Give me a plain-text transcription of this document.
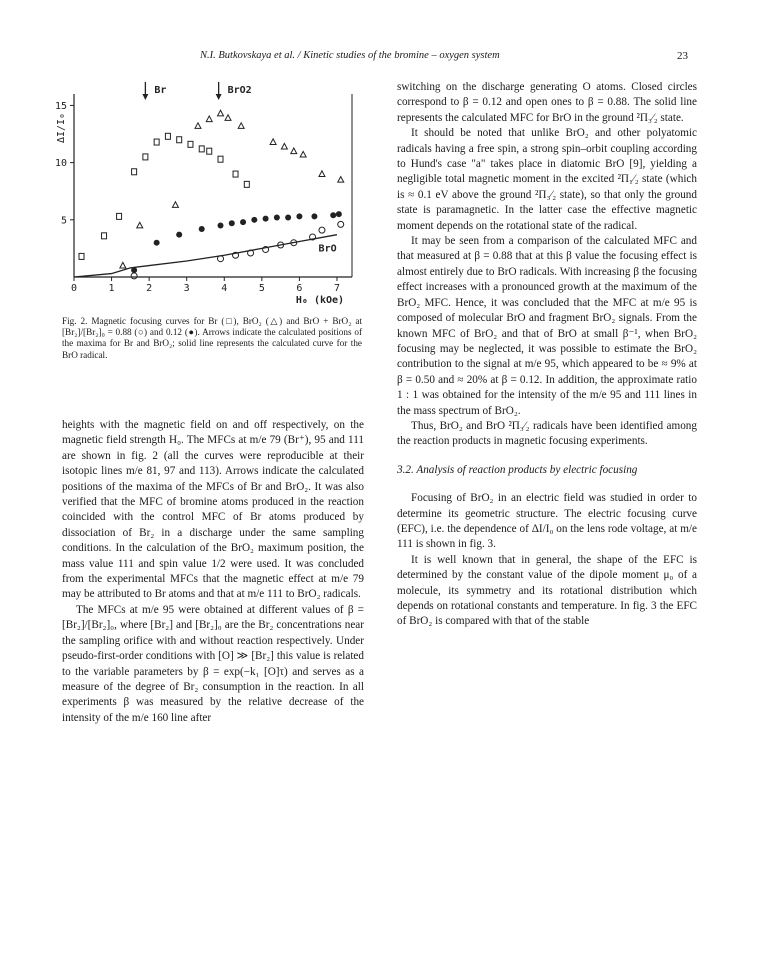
N.I. Butkovskaya et al. / Kinetic studies of the bromine – oxygen system	23
0	1	2	3	4	5	6	7
5
10
15
Br	BrO2
BrO
ΔI/I₀
H₀ (kOe)
Fig. 2. Magnetic focusing curves for Br (□), BrO₂ (△) and BrO + BrO₂ at [Br₂]/[Br₂]₀ = 0.88 (○) and 0.12 (●). Arrows indicate the calculated positions of the maxima for Br and BrO₂; solid line represents the calculated curve for the BrO radical.

heights with the magnetic field on and off respectively, on the magnetic field strength H₀. The MFCs at m/e 79 (Br⁺), 95 and 111 are shown in fig. 2 (all the curves were reproducible at their isotopic lines m/e 81, 97 and 113). Arrows indicate the calculated positions of the maxima of the MFCs of Br and BrO₂. It was also verified that the MFC of bromine atoms produced in the reaction coincided with the control MFC of Br atoms produced by dissociation of Br₂ in a discharge under the same sampling conditions. In the calculation of the BrO₂ maximum position, the mass value 111 and spin value 1/2 were used. It was concluded from the experimental MFCs that the magnetic effect at m/e 79 may be attributed to Br atoms and that at m/e 111 to BrO₂ radicals.

The MFCs at m/e 95 were obtained at different values of β = [Br₂]/[Br₂]₀, where [Br₂] and [Br₂]₀ are the Br₂ concentrations near the sampling orifice with and without reaction respectively. Under pseudo-first-order conditions with [O] ≫ [Br₂] this value is related to the variable parameters by β = exp(−k₁ [O]τ) and serves as a measure of the degree of Br₂ consumption in the reaction. In all experiments β was measured by the relative decrease of the intensity of the m/e 160 line after

switching on the discharge generating O atoms. Closed circles correspond to β = 0.12 and open ones to β = 0.88. The solid line represents the calculated MFC for BrO in the ground ²Π₃⁄₂ state.

It should be noted that unlike BrO₂ and other polyatomic radicals having a free spin, a strong spin–orbit coupling according to Hund's case "a" takes place in diatomic BrO [9], yielding a negligible total magnetic moment in the excited ²Π₁⁄₂ state (which is ≈ 0.1 eV above the ground ²Π₃⁄₂ state), so that only the ground state is paramagnetic. In the latter case the effective magnetic moment depends on the rotational state of the radical.

It may be seen from a comparison of the calculated MFC and that measured at β = 0.88 that at this β value the focusing effect is almost entirely due to BrO radicals. With increasing β the focusing effect increases with a pronounced growth at the maximum of the BrO₂ MFC. Hence, it was concluded that the MFC at m/e 95 is composed of molecular BrO and fragment BrO₂ signals. From the known MFC of BrO₂ and that of BrO at small β⁻¹, when BrO₂ focusing may be neglected, it was possible to estimate the BrO₂ contribution to the signal at m/e 95, which appeared to be ≈ 9% at β = 0.50 and ≈ 20% at β = 0.12. In addition, the approximate ratio 1 : 1 was obtained for the intensity of the m/e 95 and 111 lines in the mass spectrum of BrO₂.

Thus, BrO₂ and BrO ²Π₃⁄₂ radicals have been identified among the reaction products in magnetic focusing experiments.

3.2. Analysis of reaction products by electric focusing

Focusing of BrO₂ in an electric field was studied in order to determine its geometric structure. The electric focusing curve (EFC), i.e. the dependence of ΔI/I₀ on the lens rode voltage, at m/e 111 is shown in fig. 3.

It is well known that in general, the shape of the EFC is determined by the constant value of the dipole moment μ₀ of a molecule, its symmetry and its rotational distribution which depends on rotational constants and temperature. In fig. 3 the EFC of BrO₂ is compared with that of the stable
